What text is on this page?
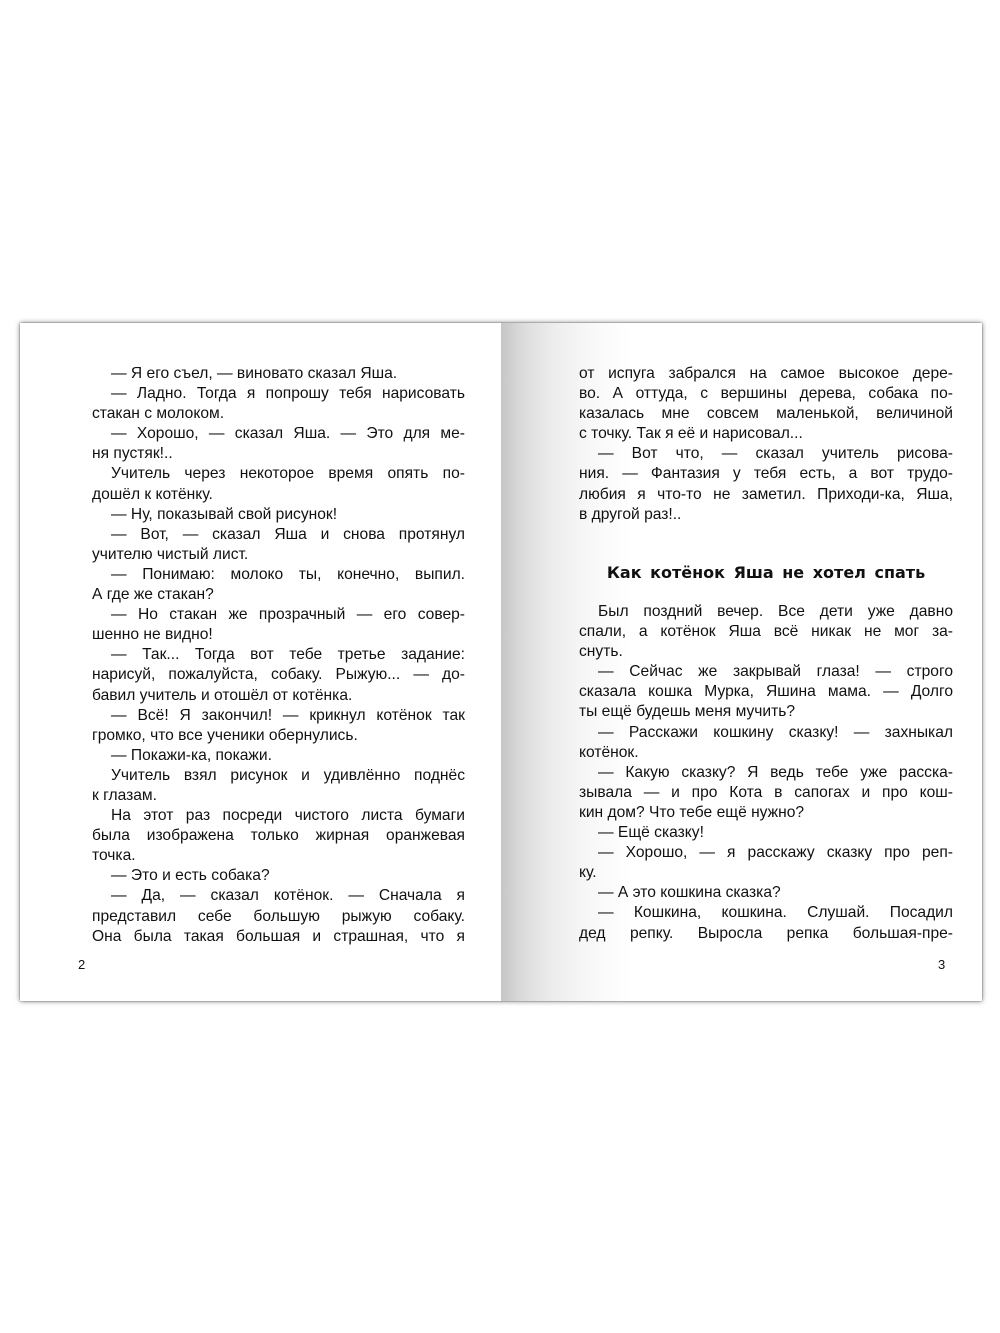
— Я его съел, — виновато сказал Яша.
— Ладно. Тогда я попрошу тебя нарисовать
стакан с молоком.
— Хорошо, — сказал Яша. — Это для ме-
ня пустяк!..
Учитель через некоторое время опять по-
дошёл к котёнку.
— Ну, показывай свой рисунок!
— Вот, — сказал Яша и снова протянул
учителю чистый лист.
— Понимаю: молоко ты, конечно, выпил.
А где же стакан?
— Но стакан же прозрачный — его совер-
шенно не видно!
— Так... Тогда вот тебе третье задание:
нарисуй, пожалуйста, собаку. Рыжую... — до-
бавил учитель и отошёл от котёнка.
— Всё! Я закончил! — крикнул котёнок так
громко, что все ученики обернулись.
— Покажи-ка, покажи.
Учитель взял рисунок и удивлённо поднёс
к глазам.
На этот раз посреди чистого листа бумаги
была изображена только жирная оранжевая
точка.
— Это и есть собака?
— Да, — сказал котёнок. — Сначала я
представил себе большую рыжую собаку.
Она была такая большая и страшная, что я
2
от испуга забрался на самое высокое дере-
во. А оттуда, с вершины дерева, собака по-
казалась мне совсем маленькой, величиной
с точку. Так я её и нарисовал...
— Вот что, — сказал учитель рисова-
ния. — Фантазия у тебя есть, а вот трудо-
любия я что-то не заметил. Приходи-ка, Яша,
в другой раз!..
Как котёнок Яша не хотел спать
Был поздний вечер. Все дети уже давно
спали, а котёнок Яша всё никак не мог за-
снуть.
— Сейчас же закрывай глаза! — строго
сказала кошка Мурка, Яшина мама. — Долго
ты ещё будешь меня мучить?
— Расскажи кошкину сказку! — захныкал
котёнок.
— Какую сказку? Я ведь тебе уже расска-
зывала — и про Кота в сапогах и про кош-
кин дом? Что тебе ещё нужно?
— Ещё сказку!
— Хорошо, — я расскажу сказку про реп-
ку.
— А это кошкина сказка?
— Кошкина, кошкина. Слушай. Посадил
дед репку. Выросла репка большая-пре-
3
